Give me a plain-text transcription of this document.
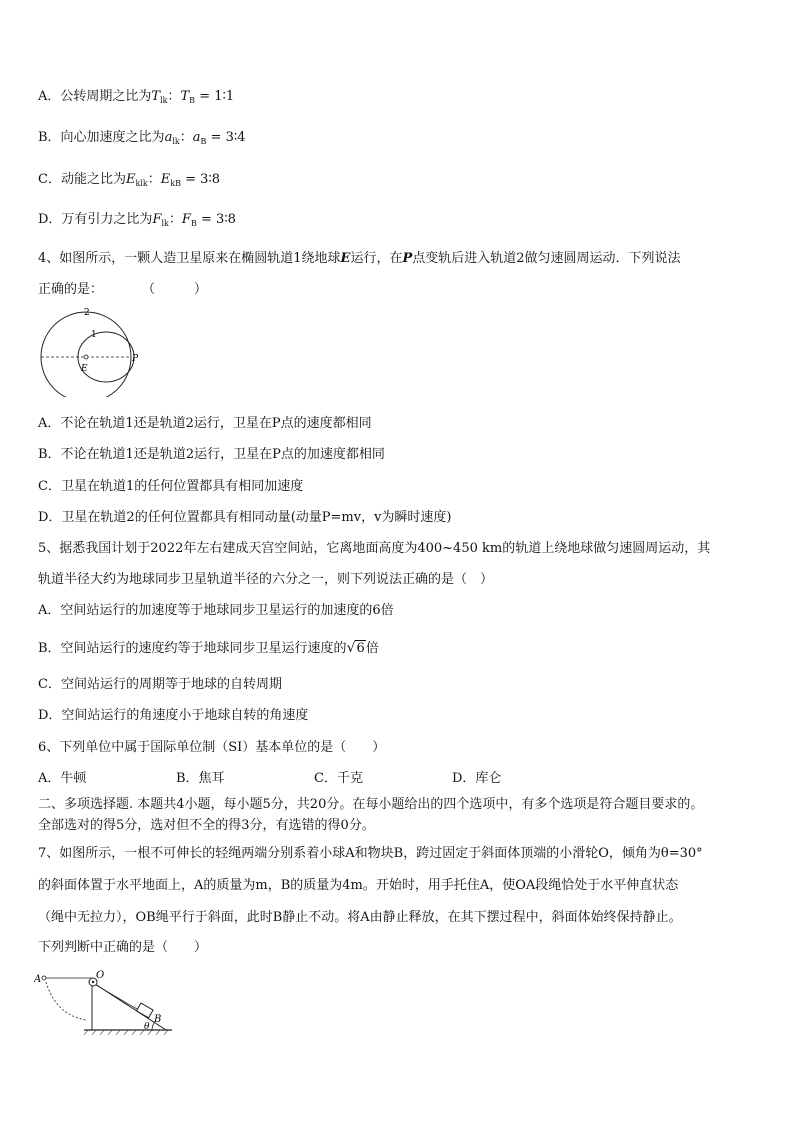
A．公转周期之比为$T_{lk}$：$T_B$ = 1∶1
B．向心加速度之比为$a_{lk}$：$a_B$ = 3∶4
C．动能之比为$E_{klk}$：$E_{kB}$ = 3∶8
D．万有引力之比为$F_{lk}$：$F_B$ = 3∶8
4、如图所示，一颗人造卫星原来在椭圆轨道1绕地球E运行，在P点变轨后进入轨道2做匀速圆周运动．下列说法
正确的是：　　　　（　　　）
2
1
E
P
A．不论在轨道1还是轨道2运行，卫星在P点的速度都相同
B．不论在轨道1还是轨道2运行，卫星在P点的加速度都相同
C．卫星在轨道1的任何位置都具有相同加速度
D．卫星在轨道2的任何位置都具有相同动量(动量P=mv，v为瞬时速度)
5、据悉我国计划于2022年左右建成天宫空间站，它离地面高度为400~450 km的轨道上绕地球做匀速圆周运动，其
轨道半径大约为地球同步卫星轨道半径的六分之一，则下列说法正确的是（　）
A．空间站运行的加速度等于地球同步卫星运行的加速度的6倍
B．空间站运行的速度约等于地球同步卫星运行速度的√6倍
C．空间站运行的周期等于地球的自转周期
D．空间站运行的角速度小于地球自转的角速度
6、下列单位中属于国际单位制（SI）基本单位的是（　　）
A．牛顿	B．焦耳	C．千克	D．库仑
二、多项选择题. 本题共4小题，每小题5分，共20分。在每小题给出的四个选项中，有多个选项是符合题目要求的。
全部选对的得5分，选对但不全的得3分，有选错的得0分。
7、如图所示，一根不可伸长的轻绳两端分别系着小球A和物块B，跨过固定于斜面体顶端的小滑轮O，倾角为θ=30°
的斜面体置于水平地面上，A的质量为m，B的质量为4m。开始时，用手托住A，使OA段绳恰处于水平伸直状态
（绳中无拉力），OB绳平行于斜面，此时B静止不动。将A由静止释放，在其下摆过程中，斜面体始终保持静止。
下列判断中正确的是（　　）
A	O
B
θ
